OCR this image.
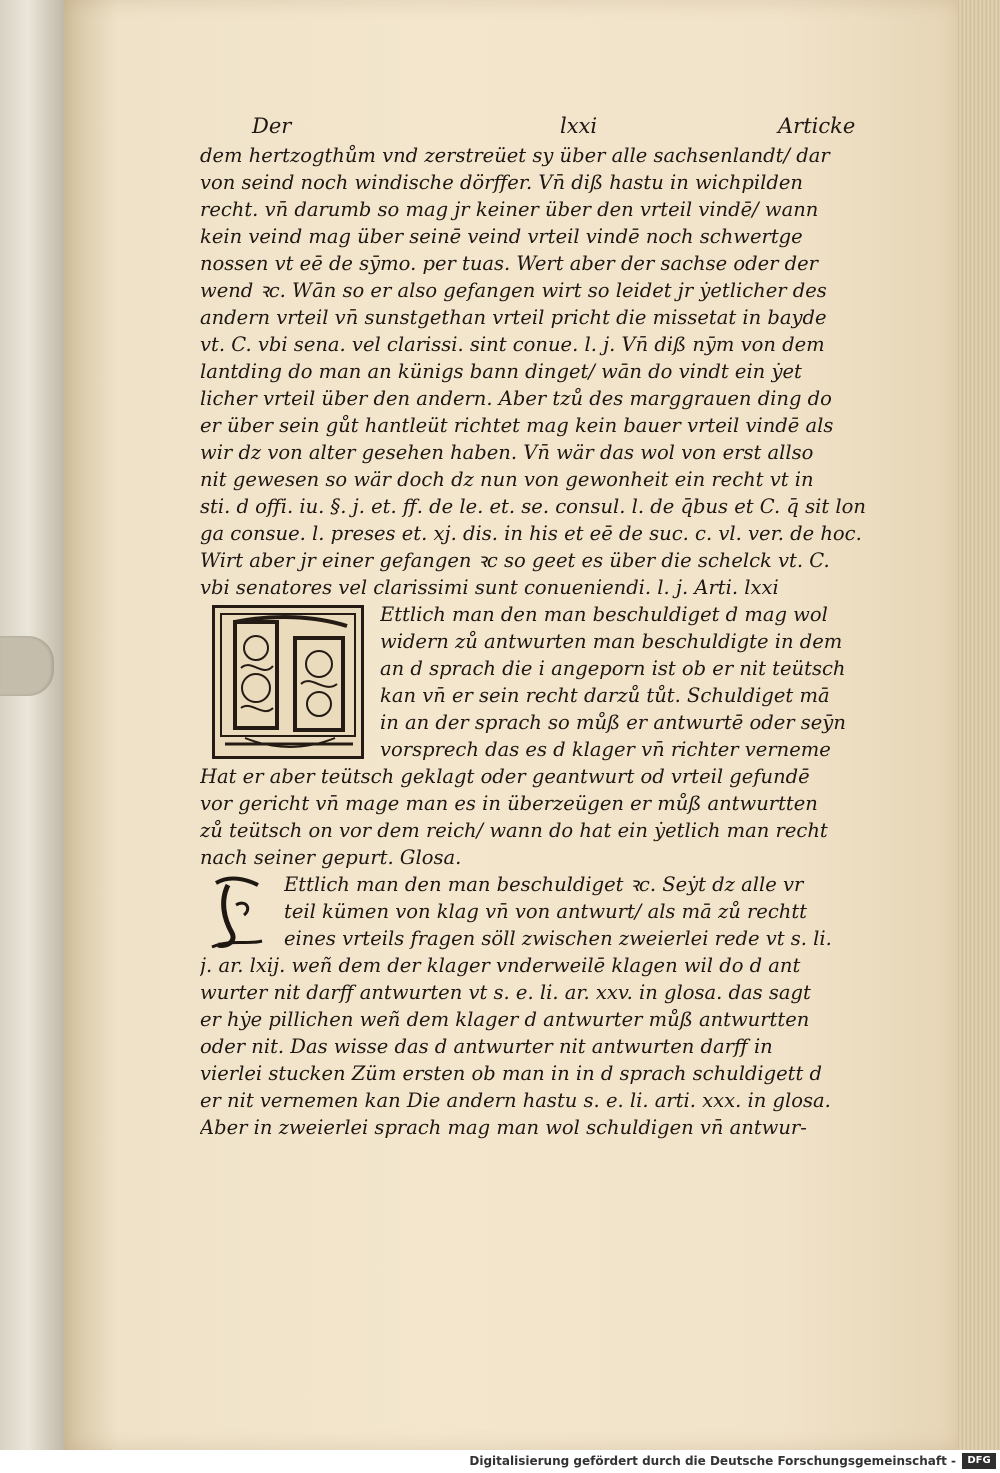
Der	lxxi	Articke
dem hertzogthům vnd zerstreüet sy über alle sachsenlandt/ dar
von seind noch windische dörffer. Vn̄ diß hastu in wichpilden
recht. vn̄ darumb so mag jr keiner über den vrteil vindē/ wann
kein veind mag über seinē veind vrteil vindē noch schwertge
nossen vt eē de sȳmo. per tuas. Wert aber der sachse oder der
wend ꝛc. Wān so er also gefangen wirt so leidet jr ẏetlicher des
andern vrteil vn̄ sunstgethan vrteil pricht die missetat in bayde
vt. C. vbi sena. vel clarissi. sint conue. l. j. Vn̄ diß nȳm von dem
lantding do man an künigs bann dinget/ wān do vindt ein ẏet
licher vrteil über den andern. Aber tzů des marggrauen ding do
er über sein gůt hantleüt richtet mag kein bauer vrteil vindē als
wir dz von alter gesehen haben. Vn̄ wär das wol von erst allso
nit gewesen so wär doch dz nun von gewonheit ein recht vt in
sti. d offi. iu. §. j. et. ff. de le. et. se. consul. l. de q̄bus et C. q̄ sit lon
ga consue. l. preses et. xj. dis. in his et eē de suc. c. vl. ver. de hoc.
Wirt aber jr einer gefangen ꝛc so geet es über die schelck vt. C.
vbi senatores vel clarissimi sunt conueniendi. l. j. Arti. lxxi
Ettlich man den man beschuldiget d mag wol
widern zů antwurten man beschuldigte in dem
an d sprach die i angeporn ist ob er nit teütsch
kan vn̄ er sein recht darzů tůt. Schuldiget mā
in an der sprach so můß er antwurtē oder seȳn
vorsprech das es d klager vn̄ richter verneme
Hat er aber teütsch geklagt oder geantwurt od vrteil gefundē
vor gericht vn̄ mage man es in überzeügen er můß antwurtten
zů teütsch on vor dem reich/ wann do hat ein ẏetlich man recht
nach seiner gepurt. Glosa.
Ettlich man den man beschuldiget ꝛc. Seẏt dz alle vr
teil kümen von klag vn̄ von antwurt/ als mā zů rechtt
eines vrteils fragen söll zwischen zweierlei rede vt s. li.
j. ar. lxij. weñ dem der klager vnderweilē klagen wil do d ant
wurter nit darff antwurten vt s. e. li. ar. xxv. in glosa. das sagt
er hẏe pillichen weñ dem klager d antwurter můß antwurtten
oder nit. Das wisse das d antwurter nit antwurten darff in
vierlei stucken Züm ersten ob man in in d sprach schuldigett d
er nit vernemen kan Die andern hastu s. e. li. arti. xxx. in glosa.
Aber in zweierlei sprach mag man wol schuldigen vn̄ antwur-
Digitalisierung gefördert durch die Deutsche Forschungsgemeinschaft -	DFG
